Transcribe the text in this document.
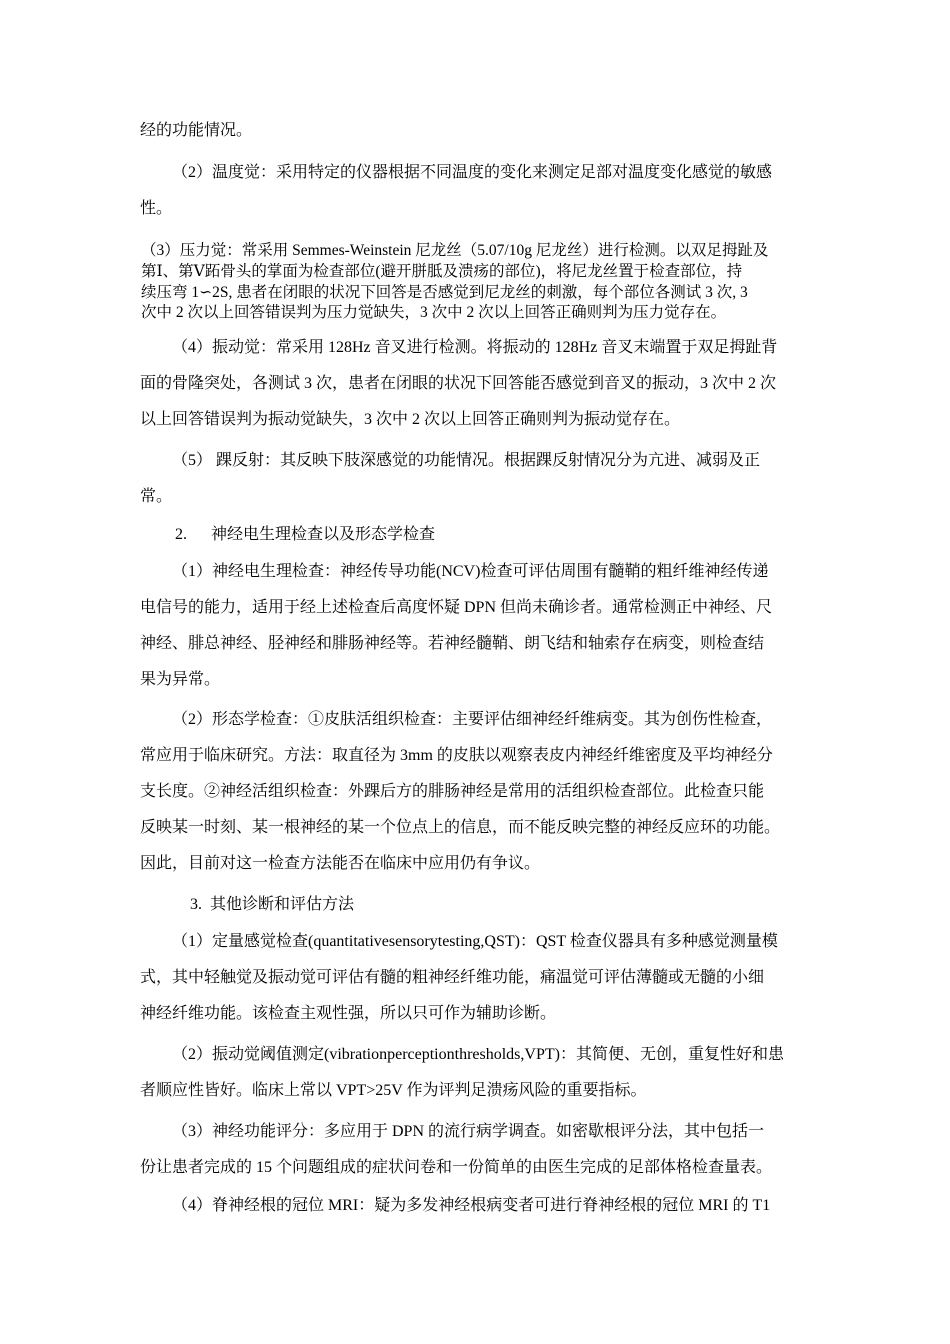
经的功能情况。
（2）温度觉：采用特定的仪器根据不同温度的变化来测定足部对温度变化感觉的敏感
性。
（3）压力觉：常采用 Semmes-Weinstein 尼龙丝（5.07/10g 尼龙丝）进行检测。以双足拇趾及
第Ⅰ、第Ⅴ跖骨头的掌面为检查部位(避开胼胝及溃疡的部位)，将尼龙丝置于检查部位，持
续压弯 1∽2S, 患者在闭眼的状况下回答是否感觉到尼龙丝的刺激，每个部位各测试 3 次, 3
次中 2 次以上回答错误判为压力觉缺失，3 次中 2 次以上回答正确则判为压力觉存在。
（4）振动觉：常采用 128Hz 音叉进行检测。将振动的 128Hz 音叉末端置于双足拇趾背
面的骨隆突处，各测试 3 次，患者在闭眼的状况下回答能否感觉到音叉的振动，3 次中 2 次
以上回答错误判为振动觉缺失，3 次中 2 次以上回答正确则判为振动觉存在。
（5） 踝反射：其反映下肢深感觉的功能情况。根据踝反射情况分为亢进、减弱及正
常。
2.      神经电生理检查以及形态学检查
（1）神经电生理检查：神经传导功能(NCV)检查可评估周围有髓鞘的粗纤维神经传递
电信号的能力，适用于经上述检查后高度怀疑 DPN 但尚未确诊者。通常检测正中神经、尺
神经、腓总神经、胫神经和腓肠神经等。若神经髓鞘、朗飞结和轴索存在病变，则检查结
果为异常。
（2）形态学检查：①皮肤活组织检查：主要评估细神经纤维病变。其为创伤性检查，
常应用于临床研究。方法：取直径为 3mm 的皮肤以观察表皮内神经纤维密度及平均神经分
支长度。②神经活组织检查：外踝后方的腓肠神经是常用的活组织检查部位。此检查只能
反映某一时刻、某一根神经的某一个位点上的信息，而不能反映完整的神经反应环的功能。
因此，目前对这一检查方法能否在临床中应用仍有争议。
3.  其他诊断和评估方法
（1）定量感觉检查(quantitativesensorytesting,QST)：QST 检查仪器具有多种感觉测量模
式，其中轻触觉及振动觉可评估有髓的粗神经纤维功能，痛温觉可评估薄髓或无髓的小细
神经纤维功能。该检查主观性强，所以只可作为辅助诊断。
（2）振动觉阈值测定(vibrationperceptionthresholds,VPT)：其简便、无创，重复性好和患
者顺应性皆好。临床上常以 VPT>25V 作为评判足溃疡风险的重要指标。
（3）神经功能评分：多应用于 DPN 的流行病学调查。如密歇根评分法，其中包括一
份让患者完成的 15 个问题组成的症状问卷和一份简单的由医生完成的足部体格检查量表。
（4）脊神经根的冠位 MRI：疑为多发神经根病变者可进行脊神经根的冠位 MRI 的 T1
